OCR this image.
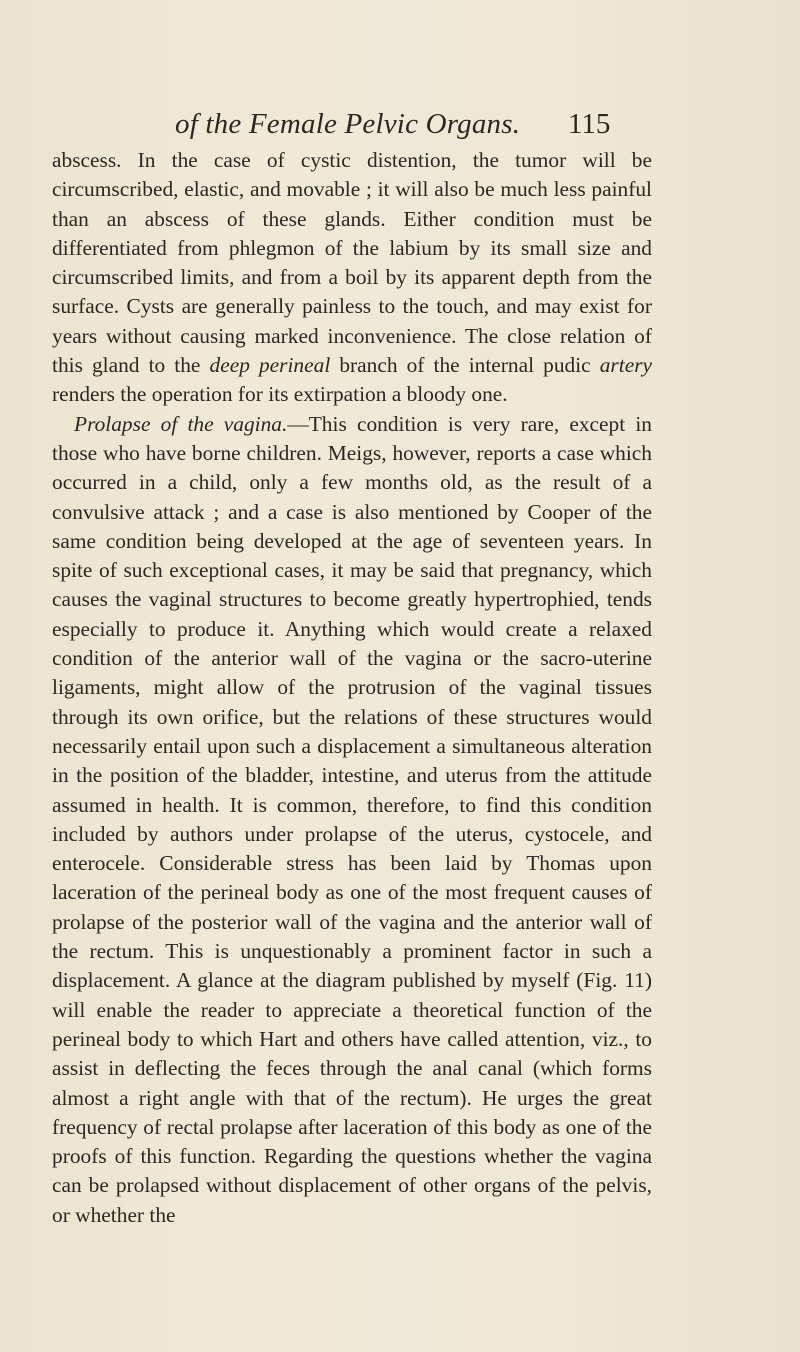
of the Female Pelvic Organs. 115

abscess. In the case of cystic distention, the tumor will be circumscribed, elastic, and movable ; it will also be much less painful than an abscess of these glands. Either condition must be differentiated from phlegmon of the labium by its small size and circumscribed limits, and from a boil by its apparent depth from the surface. Cysts are generally painless to the touch, and may exist for years without causing marked inconvenience. The close relation of this gland to the deep perineal branch of the internal pudic artery renders the operation for its extirpation a bloody one.

Prolapse of the vagina.—This condition is very rare, except in those who have borne children. Meigs, however, reports a case which occurred in a child, only a few months old, as the result of a convulsive attack ; and a case is also mentioned by Cooper of the same condition being developed at the age of seventeen years. In spite of such exceptional cases, it may be said that pregnancy, which causes the vaginal structures to become greatly hypertrophied, tends especially to produce it. Anything which would create a relaxed condition of the anterior wall of the vagina or the sacro-uterine ligaments, might allow of the protrusion of the vaginal tissues through its own orifice, but the relations of these structures would necessarily entail upon such a displacement a simultaneous alteration in the position of the bladder, intestine, and uterus from the attitude assumed in health. It is common, therefore, to find this condition included by authors under prolapse of the uterus, cystocele, and enterocele. Considerable stress has been laid by Thomas upon laceration of the perineal body as one of the most frequent causes of prolapse of the posterior wall of the vagina and the anterior wall of the rectum. This is unquestionably a prominent factor in such a displacement. A glance at the diagram published by myself (Fig. 11) will enable the reader to appreciate a theoretical function of the perineal body to which Hart and others have called attention, viz., to assist in deflecting the feces through the anal canal (which forms almost a right angle with that of the rectum). He urges the great frequency of rectal prolapse after laceration of this body as one of the proofs of this function. Regarding the questions whether the vagina can be prolapsed without displacement of other organs of the pelvis, or whether the
